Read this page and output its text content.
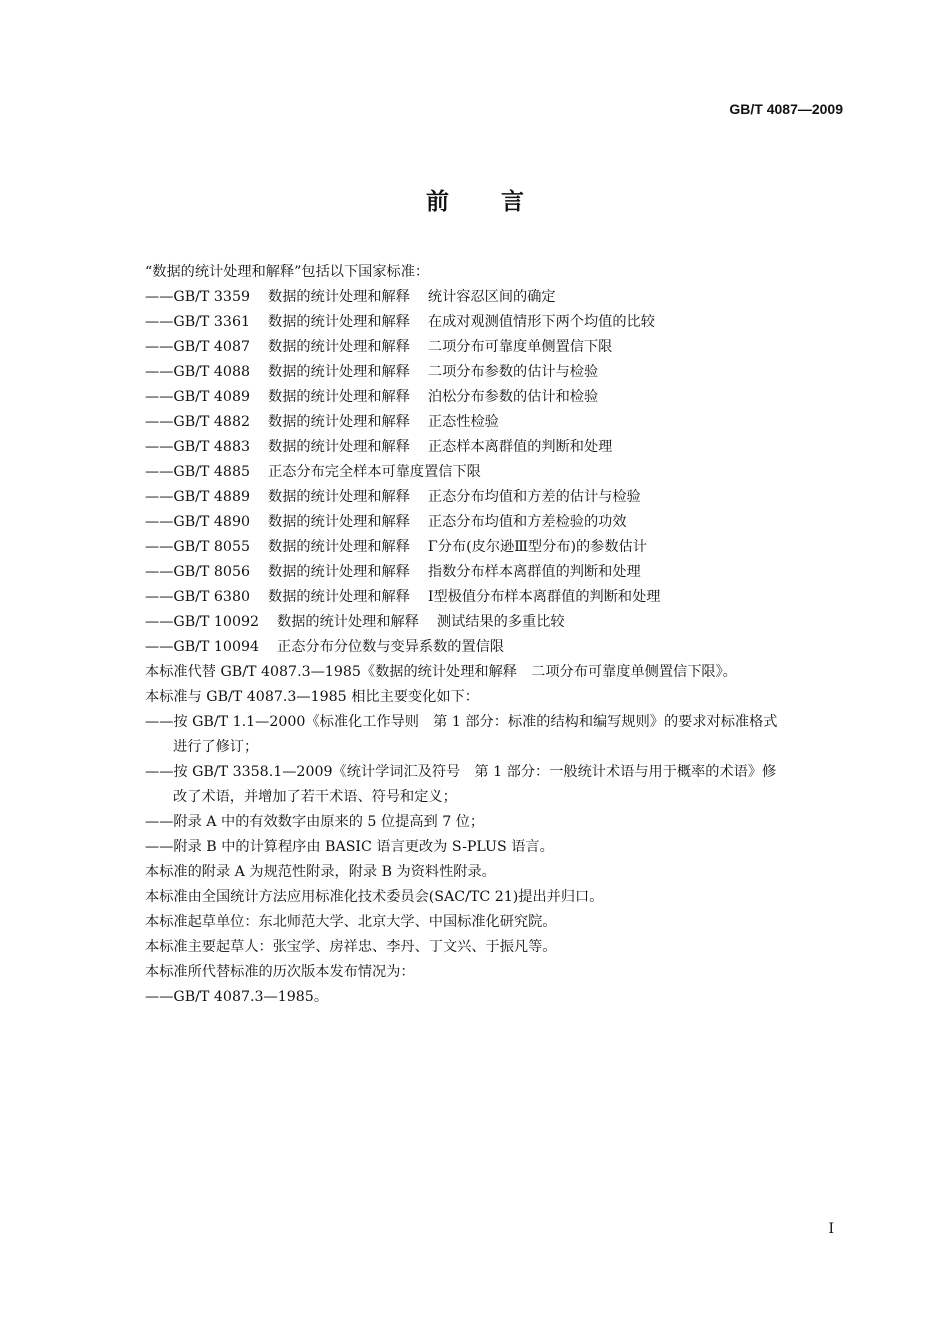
GB/T 4087—2009
前言
“数据的统计处理和解释”包括以下国家标准：
——GB/T 3359 数据的统计处理和解释 统计容忍区间的确定
——GB/T 3361 数据的统计处理和解释 在成对观测值情形下两个均值的比较
——GB/T 4087 数据的统计处理和解释 二项分布可靠度单侧置信下限
——GB/T 4088 数据的统计处理和解释 二项分布参数的估计与检验
——GB/T 4089 数据的统计处理和解释 泊松分布参数的估计和检验
——GB/T 4882 数据的统计处理和解释 正态性检验
——GB/T 4883 数据的统计处理和解释 正态样本离群值的判断和处理
——GB/T 4885 正态分布完全样本可靠度置信下限
——GB/T 4889 数据的统计处理和解释 正态分布均值和方差的估计与检验
——GB/T 4890 数据的统计处理和解释 正态分布均值和方差检验的功效
——GB/T 8055 数据的统计处理和解释 Γ分布(皮尔逊Ⅲ型分布)的参数估计
——GB/T 8056 数据的统计处理和解释 指数分布样本离群值的判断和处理
——GB/T 6380 数据的统计处理和解释 Ⅰ型极值分布样本离群值的判断和处理
——GB/T 10092 数据的统计处理和解释 测试结果的多重比较
——GB/T 10094 正态分布分位数与变异系数的置信限
本标准代替 GB/T 4087.3—1985《数据的统计处理和解释　二项分布可靠度单侧置信下限》。
本标准与 GB/T 4087.3—1985 相比主要变化如下：
——按 GB/T 1.1—2000《标准化工作导则　第 1 部分：标准的结构和编写规则》的要求对标准格式
进行了修订；
——按 GB/T 3358.1—2009《统计学词汇及符号　第 1 部分：一般统计术语与用于概率的术语》修
改了术语，并增加了若干术语、符号和定义；
——附录 A 中的有效数字由原来的 5 位提高到 7 位；
——附录 B 中的计算程序由 BASIC 语言更改为 S-PLUS 语言。
本标准的附录 A 为规范性附录，附录 B 为资料性附录。
本标准由全国统计方法应用标准化技术委员会(SAC/TC 21)提出并归口。
本标准起草单位：东北师范大学、北京大学、中国标准化研究院。
本标准主要起草人：张宝学、房祥忠、李丹、丁文兴、于振凡等。
本标准所代替标准的历次版本发布情况为：
——GB/T 4087.3—1985。
Ⅰ
